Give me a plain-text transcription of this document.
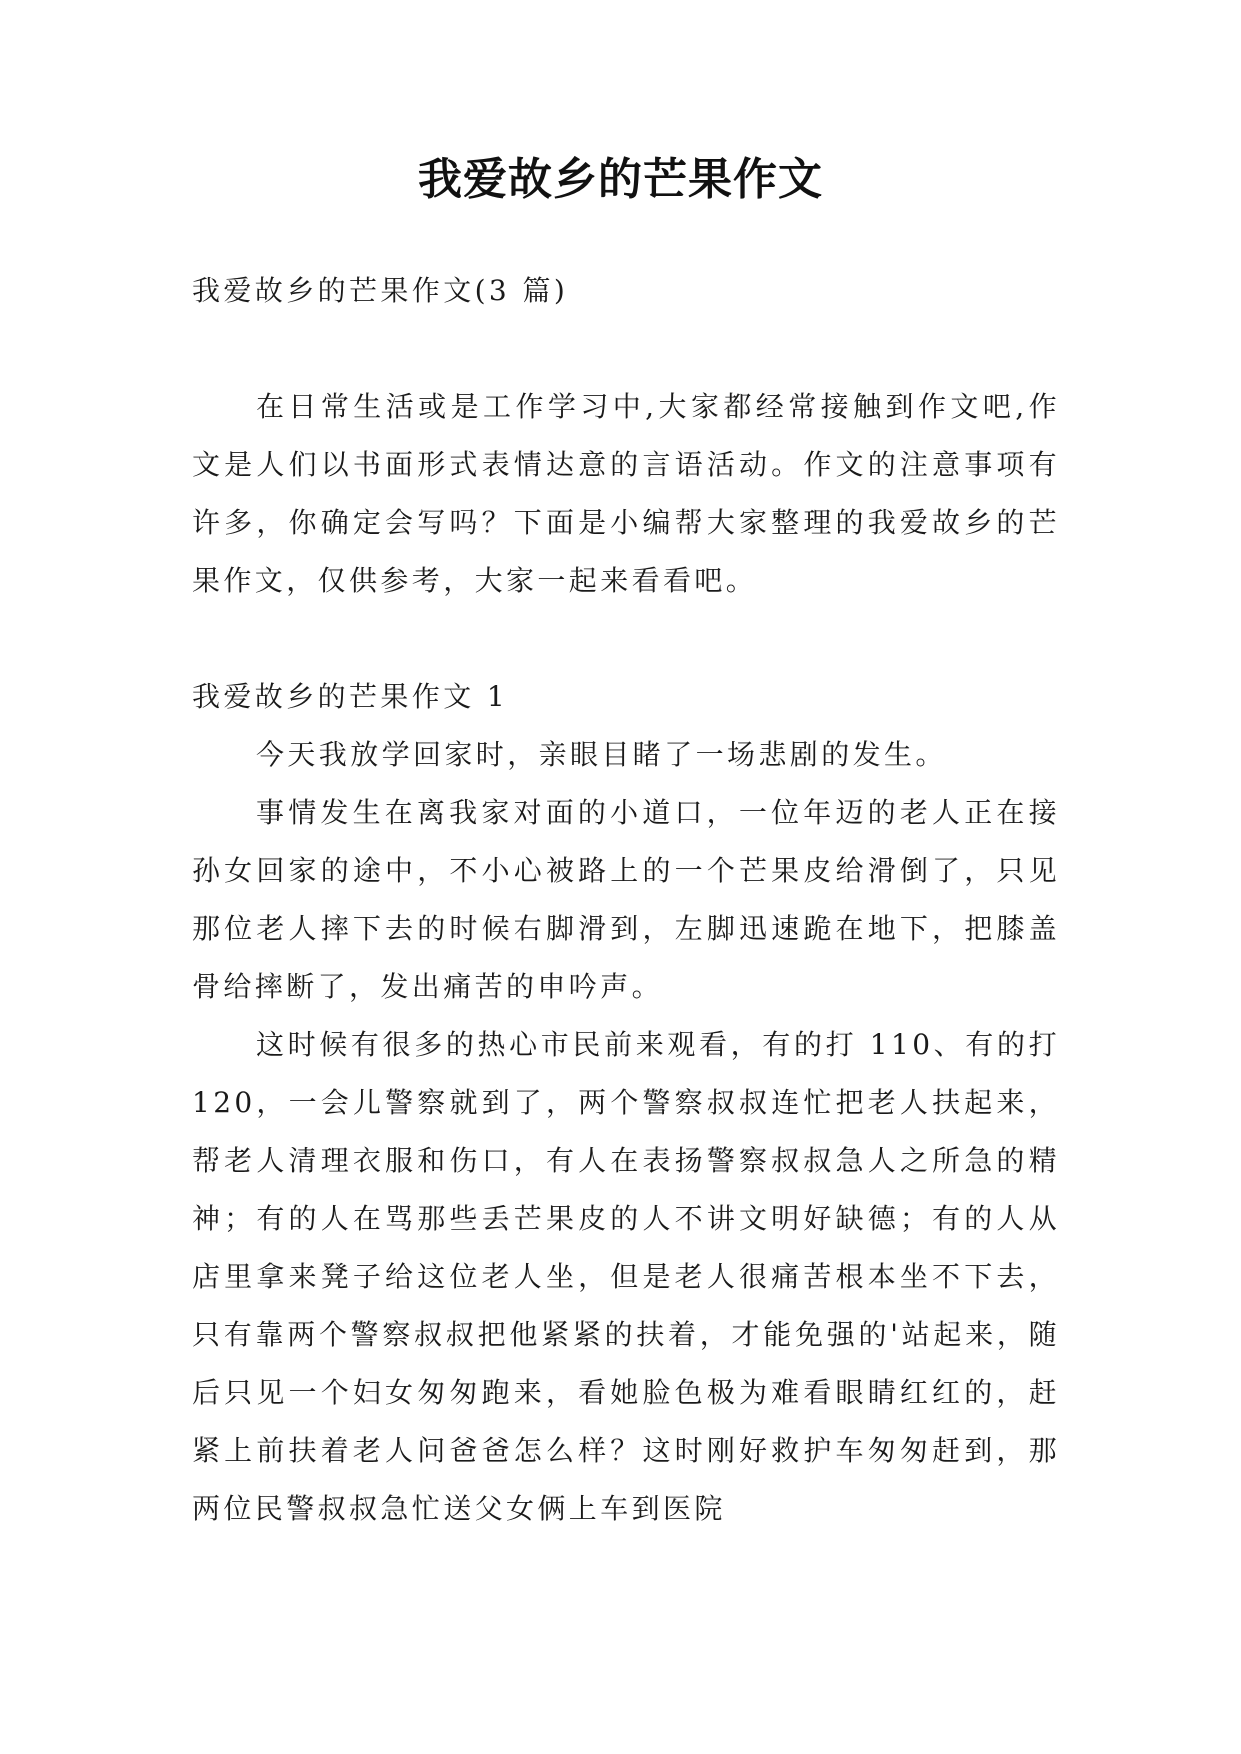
我爱故乡的芒果作文

我爱故乡的芒果作文(3 篇)

在日常生活或是工作学习中,大家都经常接触到作文吧,作文是人们以书面形式表情达意的言语活动。作文的注意事项有许多，你确定会写吗？下面是小编帮大家整理的我爱故乡的芒果作文，仅供参考，大家一起来看看吧。

我爱故乡的芒果作文 1

今天我放学回家时，亲眼目睹了一场悲剧的发生。

事情发生在离我家对面的小道口，一位年迈的老人正在接孙女回家的途中，不小心被路上的一个芒果皮给滑倒了，只见那位老人摔下去的时候右脚滑到，左脚迅速跪在地下，把膝盖骨给摔断了，发出痛苦的申吟声。

这时候有很多的热心市民前来观看，有的打 110、有的打 120，一会儿警察就到了，两个警察叔叔连忙把老人扶起来，帮老人清理衣服和伤口，有人在表扬警察叔叔急人之所急的精神；有的人在骂那些丢芒果皮的人不讲文明好缺德；有的人从店里拿来凳子给这位老人坐，但是老人很痛苦根本坐不下去，只有靠两个警察叔叔把他紧紧的扶着，才能免强的'站起来，随后只见一个妇女匆匆跑来，看她脸色极为难看眼睛红红的，赶紧上前扶着老人问爸爸怎么样？这时刚好救护车匆匆赶到，那两位民警叔叔急忙送父女俩上车到医院
